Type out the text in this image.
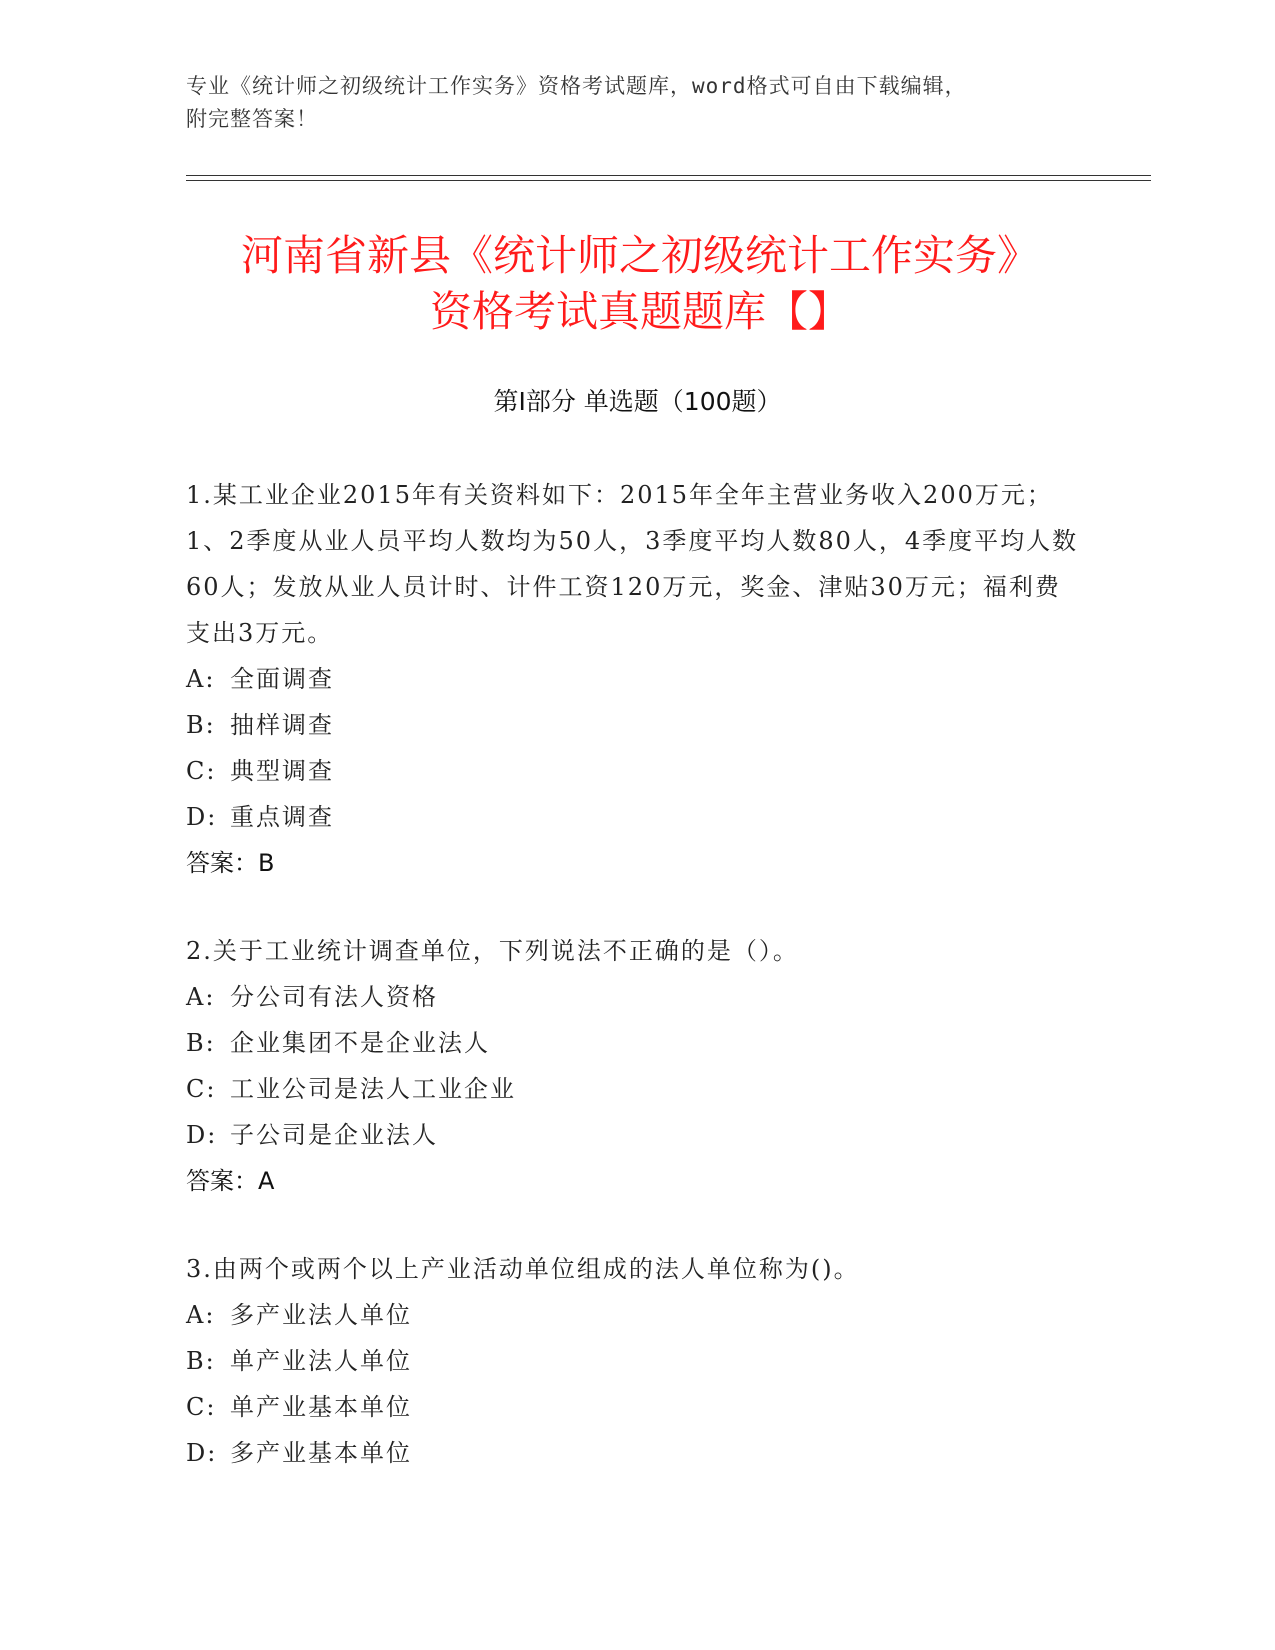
专业《统计师之初级统计工作实务》资格考试题库，word格式可自由下载编辑，
附完整答案！
河南省新县《统计师之初级统计工作实务》
资格考试真题题库【】
第I部分 单选题（100题）

1.某工业企业2015年有关资料如下：2015年全年主营业务收入200万元；1、2季度从业人员平均人数均为50人，3季度平均人数80人，4季度平均人数60人；发放从业人员计时、计件工资120万元，奖金、津贴30万元；福利费支出3万元。

A: 全面调查

B: 抽样调查

C: 典型调查

D: 重点调查

答案：B

2.关于工业统计调查单位，下列说法不正确的是（）。

A: 分公司有法人资格

B: 企业集团不是企业法人

C: 工业公司是法人工业企业

D: 子公司是企业法人

答案：A

3.由两个或两个以上产业活动单位组成的法人单位称为()。

A: 多产业法人单位

B: 单产业法人单位

C: 单产业基本单位

D: 多产业基本单位
